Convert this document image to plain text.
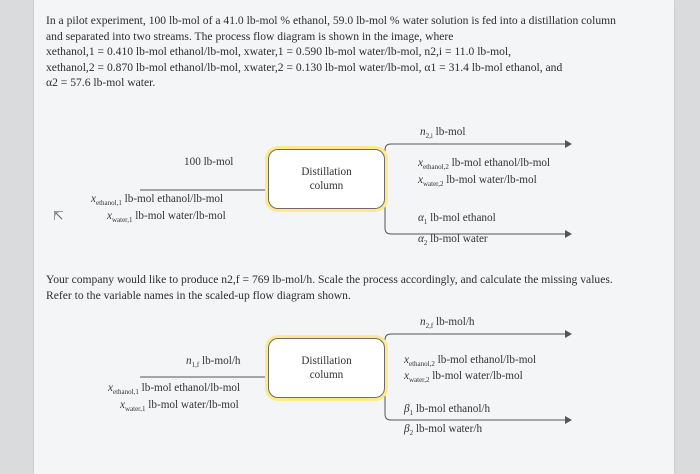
In a pilot experiment, 100 lb-mol of a 41.0 lb-mol % ethanol, 59.0 lb-mol % water solution is fed into a distillation column

and separated into two streams. The process flow diagram is shown in the image, where

xethanol,1 = 0.410 lb-mol ethanol/lb-mol, xwater,1 = 0.590 lb-mol water/lb-mol, n2,i = 11.0 lb-mol,

xethanol,2 = 0.870 lb-mol ethanol/lb-mol, xwater,2 = 0.130 lb-mol water/lb-mol, α1 = 31.4 lb-mol ethanol, and

α2 = 57.6 lb-mol water.

Distillation
column
100 lb-mol
$x_{ethanol,1}$ lb-mol ethanol/lb-mol
$x_{water,1}$ lb-mol water/lb-mol
$n_{2,i}$ lb-mol
$x_{ethanol,2}$ lb-mol ethanol/lb-mol
$x_{water,2}$ lb-mol water/lb-mol
$\alpha_1$ lb-mol ethanol
$\alpha_2$ lb-mol water
⇱

Your company would like to produce n2,f = 769 lb-mol/h. Scale the process accordingly, and calculate the missing values.

Refer to the variable names in the scaled-up flow diagram shown.

Distillation
column
$n_{1,f}$ lb-mol/h
$x_{ethanol,1}$ lb-mol ethanol/lb-mol
$x_{water,1}$ lb-mol water/lb-mol
$n_{2,f}$ lb-mol/h
$x_{ethanol,2}$ lb-mol ethanol/lb-mol
$x_{water,2}$ lb-mol water/lb-mol
$\beta_1$ lb-mol ethanol/h
$\beta_2$ lb-mol water/h
